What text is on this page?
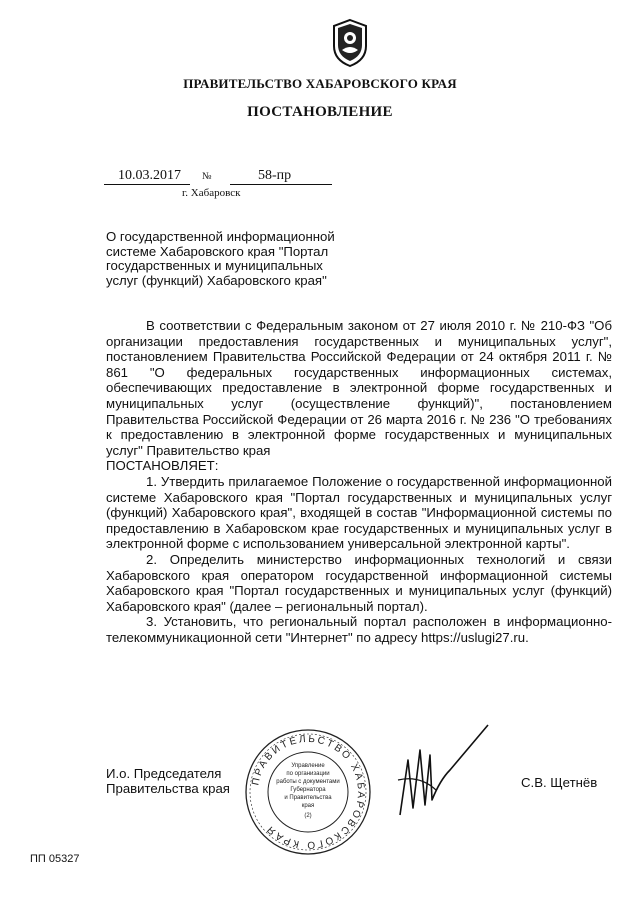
ПРАВИТЕЛЬСТВО ХАБАРОВСКОГО КРАЯ
ПОСТАНОВЛЕНИЕ
10.03.2017	№	58-пр
г. Хабаровск
О государственной информационной
системе Хабаровского края "Портал
государственных и муниципальных
услуг (функций) Хабаровского края"

В соответствии с Федеральным законом от 27 июля 2010 г. № 210-ФЗ "Об организации предоставления государственных и муниципальных услуг", постановлением Правительства Российской Федерации от 24 октября 2011 г. № 861 "О федеральных государственных информационных системах, обеспечивающих предоставление в электронной форме государственных и муниципальных услуг (осуществление функций)", постановлением Правительства Российской Федерации от 26 марта 2016 г. № 236 "О требованиях к предоставлению в электронной форме государственных и муниципальных услуг" Правительство края

ПОСТАНОВЛЯЕТ:

1. Утвердить прилагаемое Положение о государственной информационной системе Хабаровского края "Портал государственных и муниципальных услуг (функций) Хабаровского края", входящей в состав "Информационной системы по предоставлению в Хабаровском крае государственных и муниципальных услуг в электронной форме с использованием универсальной электронной карты".

2. Определить министерство информационных технологий и связи Хабаровского края оператором государственной информационной системы Хабаровского края "Портал государственных и муниципальных услуг (функций) Хабаровского края" (далее – региональный портал).

3. Установить, что региональный портал расположен в информационно-телекоммуникационной сети "Интернет" по адресу https://uslugi27.ru.

ПРАВИТЕЛЬСТВО ХАБАРОВСКОГО КРАЯ
Управление
по организации
работы с документами
Губернатора
и Правительства
края
(2)
И.о. Председателя
Правительства края	С.В. Щетнёв
ПП 05327
